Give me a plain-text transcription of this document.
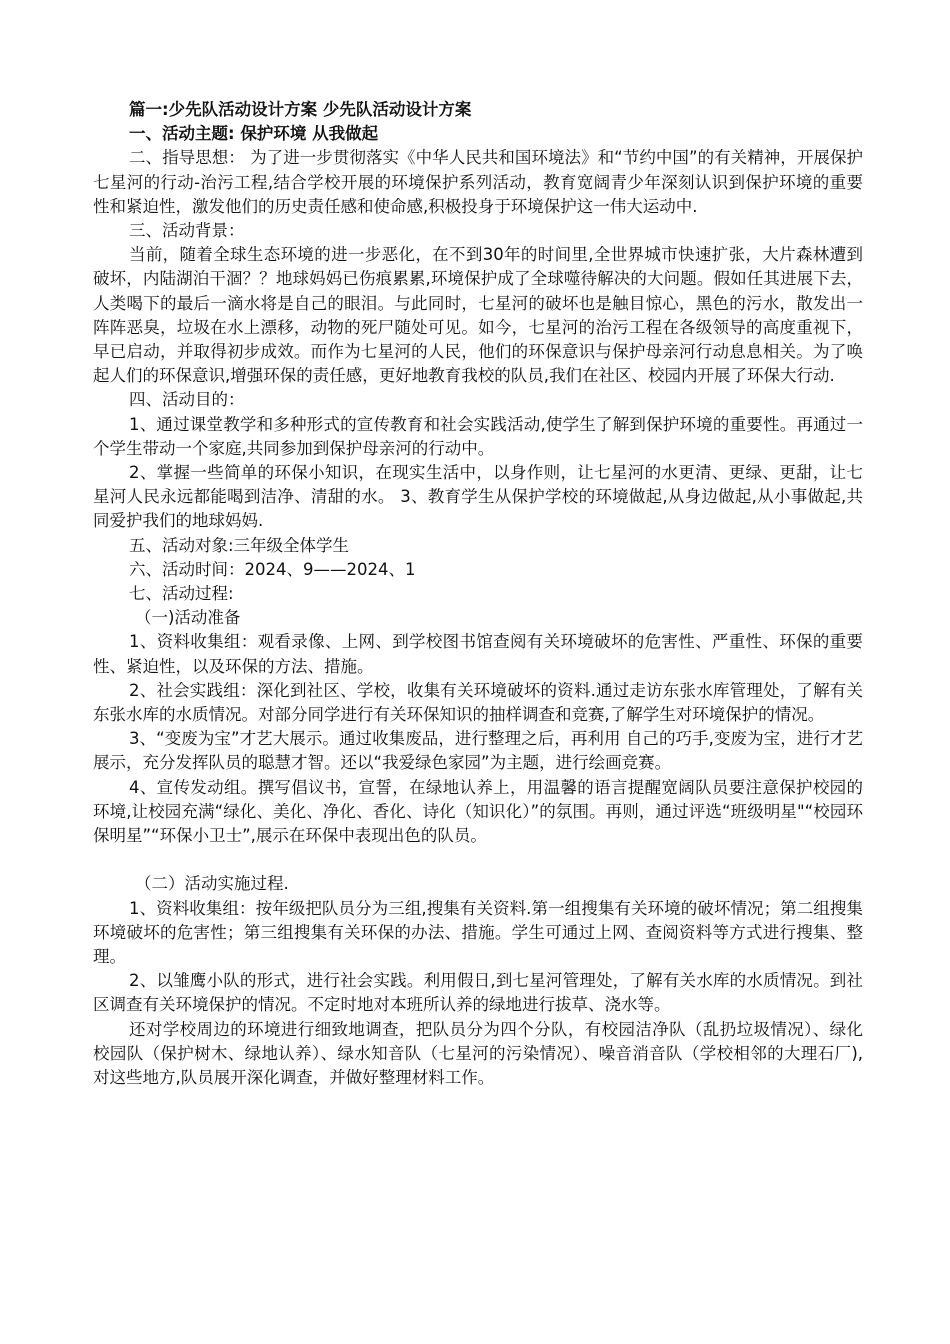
篇一:少先队活动设计方案 少先队活动设计方案

一、活动主题: 保护环境 从我做起

二、指导思想： 为了进一步贯彻落实《中华人民共和国环境法》和“节约中国”的有关精神，开展保护七星河的行动-治污工程,结合学校开展的环境保护系列活动，教育宽阔青少年深刻认识到保护环境的重要性和紧迫性，激发他们的历史责任感和使命感,积极投身于环境保护这一伟大运动中.

三、活动背景：

当前，随着全球生态环境的进一步恶化，在不到30年的时间里,全世界城市快速扩张，大片森林遭到破坏，内陆湖泊干涸？？地球妈妈已伤痕累累,环境保护成了全球噬待解决的大问题。假如任其进展下去，人类喝下的最后一滴水将是自己的眼泪。与此同时，七星河的破坏也是触目惊心，黑色的污水，散发出一阵阵恶臭，垃圾在水上漂移，动物的死尸随处可见。如今，七星河的治污工程在各级领导的高度重视下，早已启动，并取得初步成效。而作为七星河的人民，他们的环保意识与保护母亲河行动息息相关。为了唤起人们的环保意识,增强环保的责任感，更好地教育我校的队员,我们在社区、校园内开展了环保大行动.

四、活动目的：

1、通过课堂教学和多种形式的宣传教育和社会实践活动,使学生了解到保护环境的重要性。再通过一个学生带动一个家庭,共同参加到保护母亲河的行动中。

2、掌握一些简单的环保小知识，在现实生活中，以身作则，让七星河的水更清、更绿、更甜，让七星河人民永远都能喝到洁净、清甜的水。 3、教育学生从保护学校的环境做起,从身边做起,从小事做起,共同爱护我们的地球妈妈.

五、活动对象:三年级全体学生

六、活动时间：2024、9——2024、1

七、活动过程:

（一)活动准备

1、资料收集组：观看录像、上网、到学校图书馆查阅有关环境破坏的危害性、严重性、环保的重要性、紧迫性，以及环保的方法、措施。

2、社会实践组：深化到社区、学校，收集有关环境破坏的资料.通过走访东张水库管理处，了解有关东张水库的水质情况。对部分同学进行有关环保知识的抽样调查和竞赛,了解学生对环境保护的情况。

3、“变废为宝”才艺大展示。通过收集废品，进行整理之后，再利用 自己的巧手,变废为宝，进行才艺展示，充分发挥队员的聪慧才智。还以“我爱绿色家园”为主题，进行绘画竞赛。

4、宣传发动组。撰写倡议书，宣誓，在绿地认养上，用温馨的语言提醒宽阔队员要注意保护校园的环境,让校园充满“绿化、美化、净化、香化、诗化（知识化）”的氛围。再则，通过评选“班级明星"“校园环保明星”“环保小卫士”,展示在环保中表现出色的队员。

（二）活动实施过程.

1、资料收集组：按年级把队员分为三组,搜集有关资料.第一组搜集有关环境的破坏情况；第二组搜集环境破坏的危害性；第三组搜集有关环保的办法、措施。学生可通过上网、查阅资料等方式进行搜集、整理。

2、以雏鹰小队的形式，进行社会实践。利用假日,到七星河管理处，了解有关水库的水质情况。到社区调查有关环境保护的情况。不定时地对本班所认养的绿地进行拔草、浇水等。

还对学校周边的环境进行细致地调查，把队员分为四个分队，有校园洁净队（乱扔垃圾情况）、绿化校园队（保护树木、绿地认养）、绿水知音队（七星河的污染情况）、噪音消音队（学校相邻的大理石厂),对这些地方,队员展开深化调查，并做好整理材料工作。
